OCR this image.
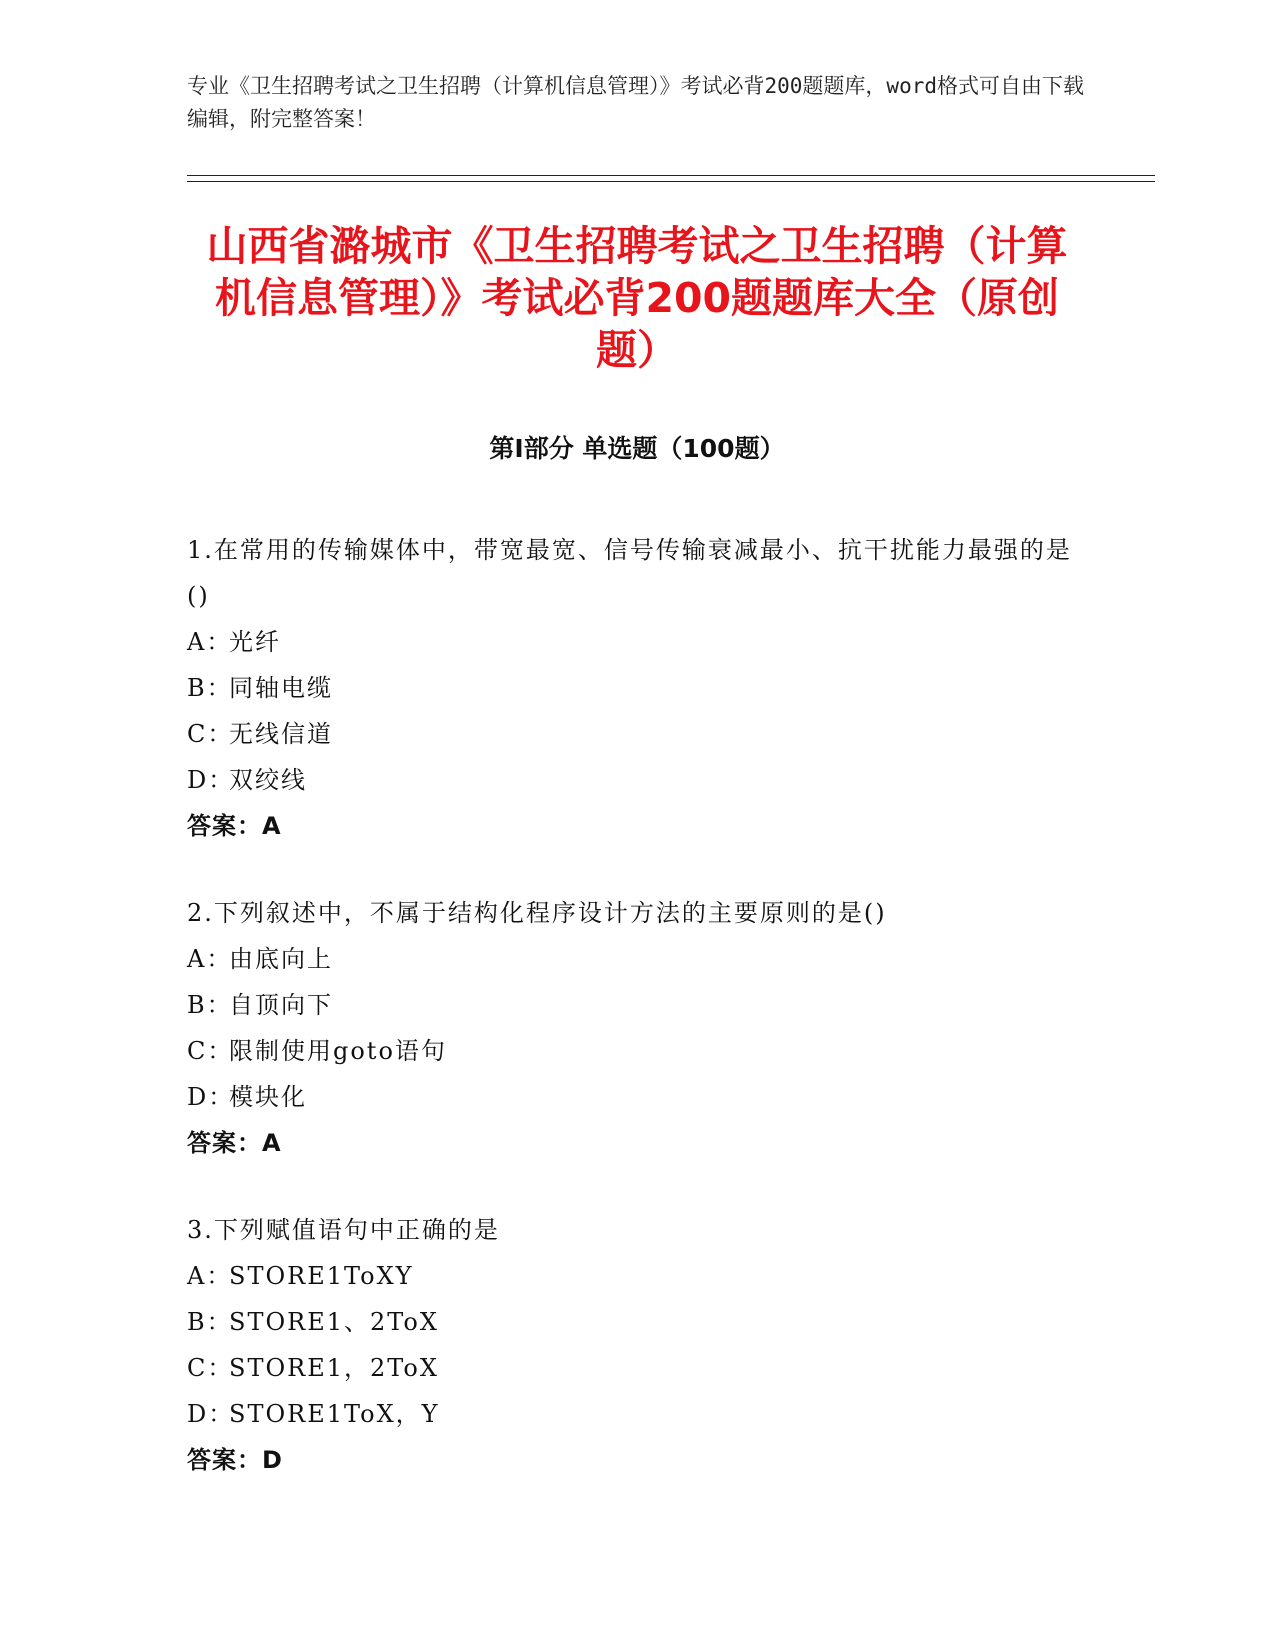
专业《卫生招聘考试之卫生招聘（计算机信息管理）》考试必背200题题库，word格式可自由下载编辑，附完整答案！
山西省潞城市《卫生招聘考试之卫生招聘（计算机信息管理）》考试必背200题题库大全（原创题）
第I部分 单选题（100题）

1.在常用的传输媒体中，带宽最宽、信号传输衰减最小、抗干扰能力最强的是()

A：光纤

B：同轴电缆

C：无线信道

D：双绞线

答案：A

2.下列叙述中，不属于结构化程序设计方法的主要原则的是()

A：由底向上

B：自顶向下

C：限制使用goto语句

D：模块化

答案：A

3.下列赋值语句中正确的是

A：STORE1ToXY

B：STORE1、2ToX

C：STORE1，2ToX

D：STORE1ToX，Y

答案：D
